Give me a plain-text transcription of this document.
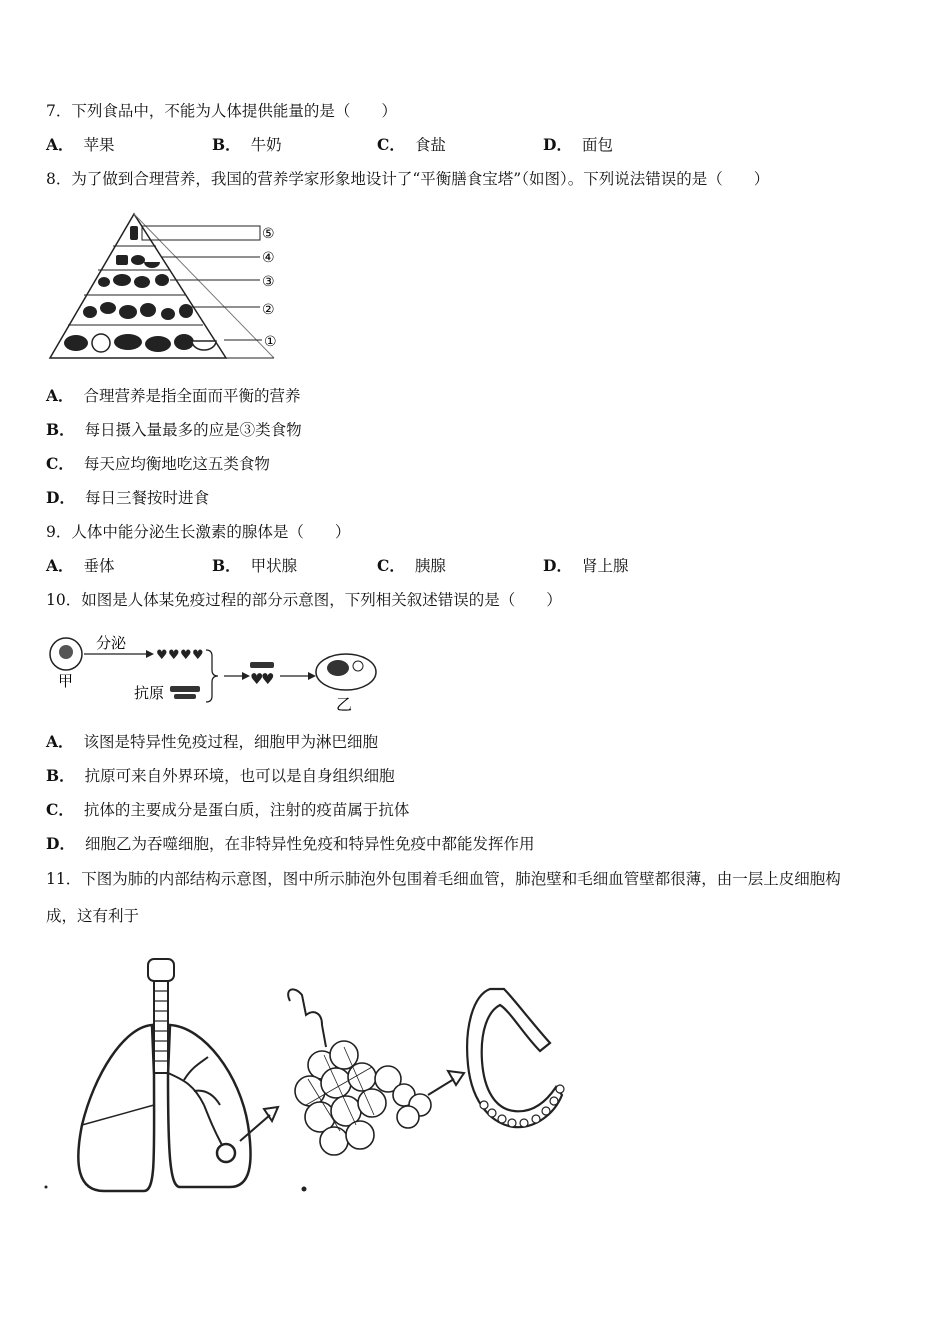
7．下列食品中，不能为人体提供能量的是（　　）
A． 苹果	B． 牛奶	C． 食盐	D． 面包
8．为了做到合理营养，我国的营养学家形象地设计了“平衡膳食宝塔”（如图）。下列说法错误的是（　　）
⑤
④
③
②
①
A． 合理营养是指全面而平衡的营养
B． 每日摄入量最多的应是③类食物
C． 每天应均衡地吃这五类食物
D． 每日三餐按时进食
9．人体中能分泌生长激素的腺体是（　　）
A． 垂体	B． 甲状腺	C． 胰腺	D． 肾上腺
10．如图是人体某免疫过程的部分示意图，下列相关叙述错误的是（　　）
甲
分泌
♥ ♥ ♥ ♥
抗原
♥
♥
乙
A． 该图是特异性免疫过程，细胞甲为淋巴细胞
B． 抗原可来自外界环境，也可以是自身组织细胞
C． 抗体的主要成分是蛋白质，注射的疫苗属于抗体
D． 细胞乙为吞噬细胞，在非特异性免疫和特异性免疫中都能发挥作用
11．下图为肺的内部结构示意图，图中所示肺泡外包围着毛细血管，肺泡壁和毛细血管壁都很薄，由一层上皮细胞构
成，这有利于
